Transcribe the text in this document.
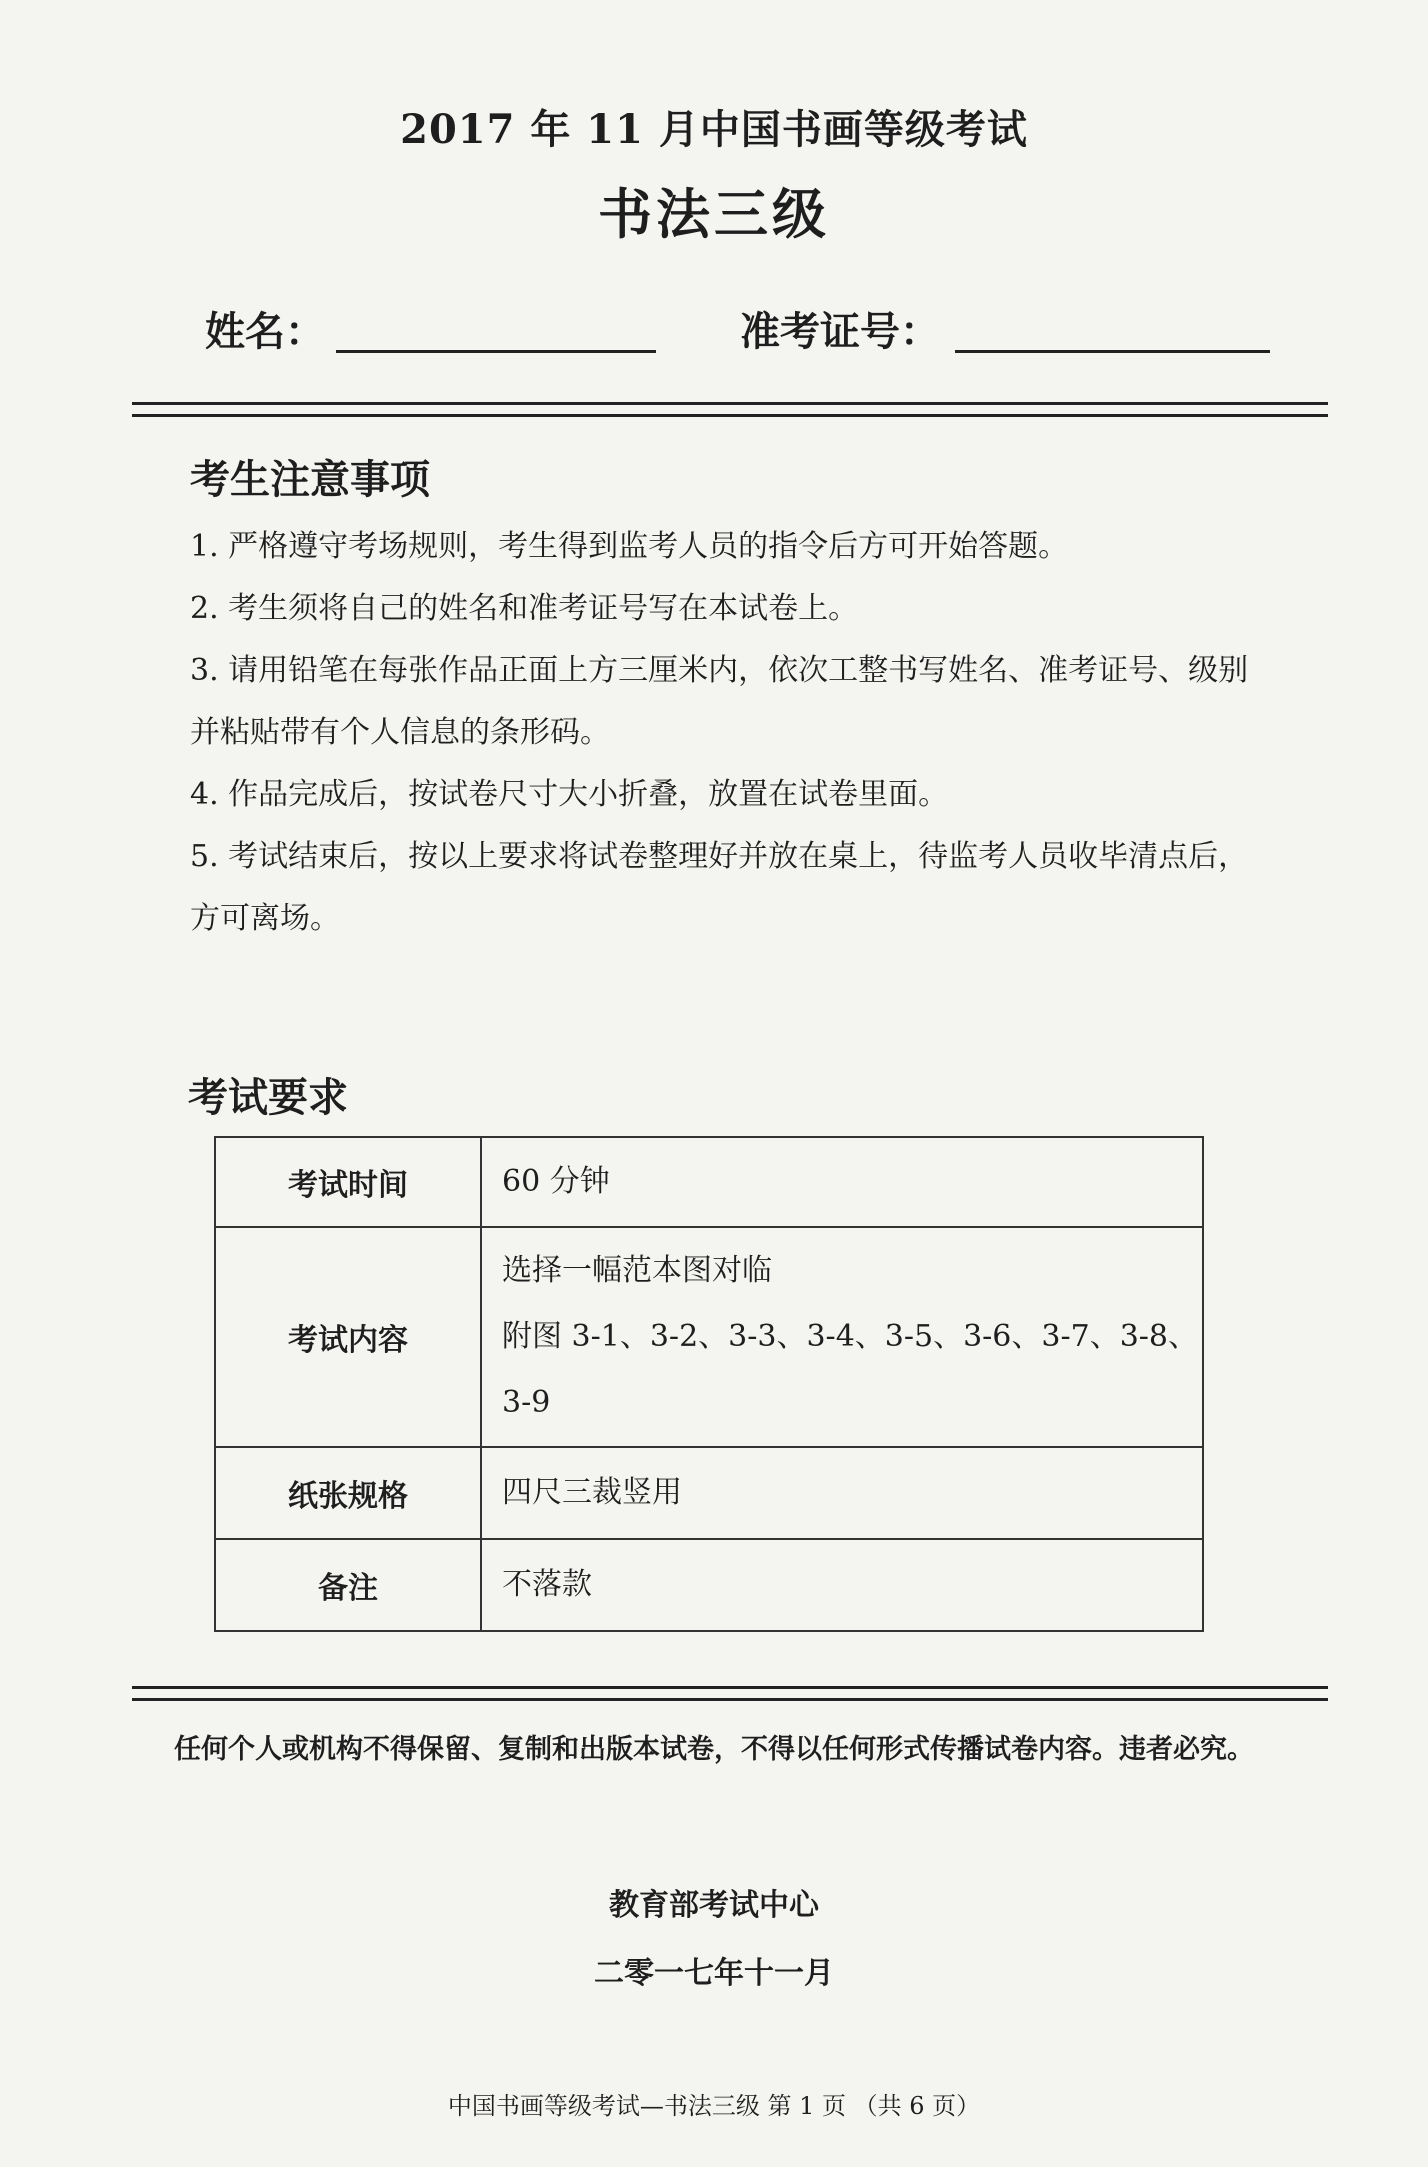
2017 年 11 月中国书画等级考试
书法三级
姓名：	准考证号：
考生注意事项
1. 严格遵守考场规则，考生得到监考人员的指令后方可开始答题。
2. 考生须将自己的姓名和准考证号写在本试卷上。
3. 请用铅笔在每张作品正面上方三厘米内，依次工整书写姓名、准考证号、级别并粘贴带有个人信息的条形码。
4. 作品完成后，按试卷尺寸大小折叠，放置在试卷里面。
5. 考试结束后，按以上要求将试卷整理好并放在桌上，待监考人员收毕清点后，方可离场。
考试要求
考试时间	60 分钟

考试内容	选择一幅范本图对临
附图 3-1、3-2、3-3、3-4、3-5、3-6、3-7、3-8、3-9

纸张规格	四尺三裁竖用

备注	不落款
任何个人或机构不得保留、复制和出版本试卷，不得以任何形式传播试卷内容。违者必究。
教育部考试中心
二零一七年十一月
中国书画等级考试—书法三级 第 1 页 （共 6 页）
